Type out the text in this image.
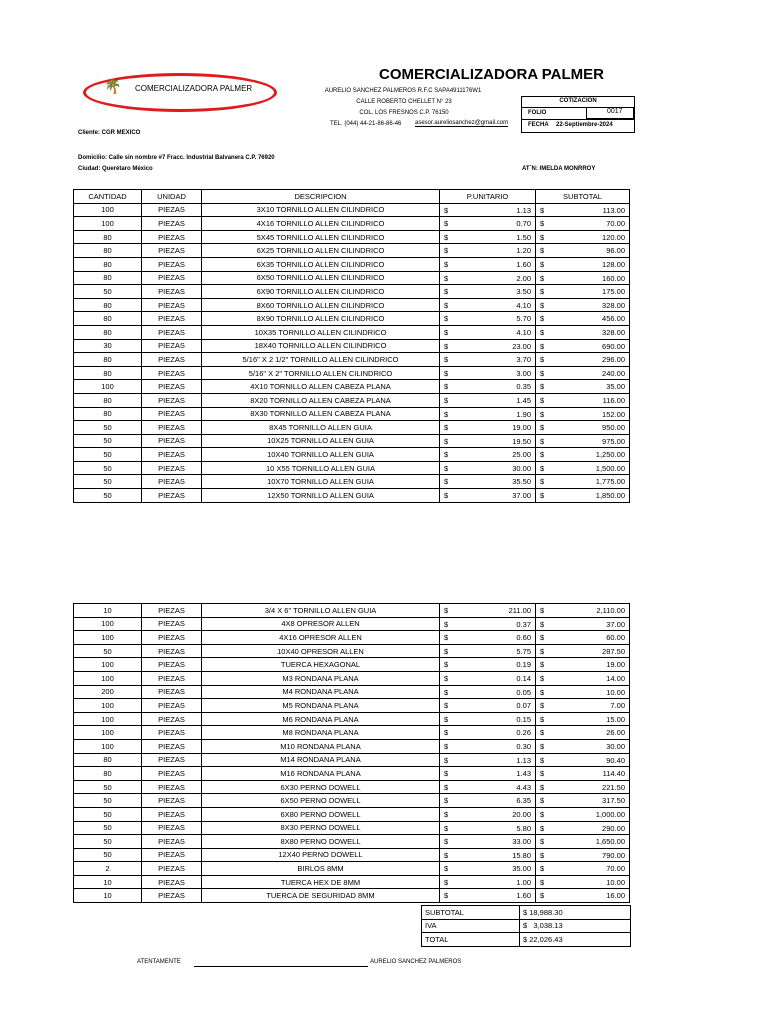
🌴 COMERCIALIZADORA PALMER
COMERCIALIZADORA PALMER
AURELIO SANCHEZ PALMEROS R.F.C SAPA4911176W1
CALLE ROBERTO CHELLET N° 23
COL. LOS FRESNOS C.P. 76150
TEL. (044) 44-21-86-86-46 asesor.aureliosanchez@gmail.com
COTIZACION
FOLIO	0017
FECHA 22-Septiembre-2024
Cliente: CGR MEXICO
Domicilio: Calle sin nombre #7 Fracc. Industrial Balvanera C.P. 76920
Ciudad: Querétaro México	AT´N: IMELDA MONRROY
CANTIDAD	UNIDAD	DESCRIPCION	P.UNITARIO	SUBTOTAL
100	PIEZAS	3X10 TORNILLO ALLEN CILINDRICO	$ 1.13	$ 113.00

100	PIEZAS	4X16 TORNILLO ALLEN CILINDRICO	$ 0.70	$ 70.00

80	PIEZAS	5X45 TORNILLO ALLEN CILINDRICO	$ 1.50	$ 120.00

80	PIEZAS	6X25 TORNILLO ALLEN CILINDRICO	$ 1.20	$ 96.00

80	PIEZAS	6X35 TORNILLO ALLEN CILINDRICO	$ 1.60	$ 128.00

80	PIEZAS	6X50 TORNILLO ALLEN CILINDRICO	$ 2.00	$ 160.00

50	PIEZAS	6X90 TORNILLO ALLEN CILINDRICO	$ 3.50	$ 175.00

80	PIEZAS	8X60 TORNILLO ALLEN CILINDRICO	$ 4.10	$ 328.00

80	PIEZAS	8X90 TORNILLO ALLEN CILINDRICO	$ 5.70	$ 456.00

80	PIEZAS	10X35 TORNILLO ALLEN CILINDRICO	$ 4.10	$ 328.00

30	PIEZAS	18X40 TORNILLO ALLEN CILINDRICO	$ 23.00	$ 690.00

80	PIEZAS	5/16" X 2 1/2" TORNILLO ALLEN CILINDRICO	$ 3.70	$ 296.00

80	PIEZAS	5/16" X 2" TORNILLO ALLEN CILINDRICO	$ 3.00	$ 240.00

100	PIEZAS	4X10 TORNILLO ALLEN CABEZA PLANA	$ 0.35	$ 35.00

80	PIEZAS	8X20 TORNILLO ALLEN CABEZA PLANA	$ 1.45	$ 116.00

80	PIEZAS	8X30 TORNILLO ALLEN CABEZA PLANA	$ 1.90	$ 152.00

50	PIEZAS	8X45 TORNILLO ALLEN GUIA	$ 19.00	$ 950.00

50	PIEZAS	10X25 TORNILLO ALLEN GUIA	$ 19.50	$ 975.00

50	PIEZAS	10X40 TORNILLO ALLEN GUIA	$ 25.00	$ 1,250.00

50	PIEZAS	10 X55 TORNILLO ALLEN GUIA	$ 30.00	$ 1,500.00

50	PIEZAS	10X70 TORNILLO ALLEN GUIA	$ 35.50	$ 1,775.00

50	PIEZAS	12X50 TORNILLO ALLEN GUIA	$ 37.00	$ 1,850.00
10	PIEZAS	3/4 X 6" TORNILLO ALLEN GUIA	$ 211.00	$ 2,110.00

100	PIEZAS	4X8 OPRESOR ALLEN	$ 0.37	$ 37.00

100	PIEZAS	4X16 OPRESOR ALLEN	$ 0.60	$ 60.00

50	PIEZAS	10X40 OPRESOR ALLEN	$ 5.75	$ 287.50

100	PIEZAS	TUERCA HEXAGONAL	$ 0.19	$ 19.00

100	PIEZAS	M3 RONDANA PLANA	$ 0.14	$ 14.00

200	PIEZAS	M4 RONDANA PLANA	$ 0.05	$ 10.00

100	PIEZAS	M5 RONDANA PLANA	$ 0.07	$ 7.00

100	PIEZAS	M6 RONDANA PLANA	$ 0.15	$ 15.00

100	PIEZAS	M8 RONDANA PLANA	$ 0.26	$ 26.00

100	PIEZAS	M10 RONDANA PLANA	$ 0.30	$ 30.00

80	PIEZAS	M14 RONDANA PLANA	$ 1.13	$ 90.40

80	PIEZAS	M16 RONDANA PLANA	$ 1.43	$ 114.40

50	PIEZAS	6X30 PERNO DOWELL	$ 4.43	$ 221.50

50	PIEZAS	6X50 PERNO DOWELL	$ 6.35	$ 317.50

50	PIEZAS	6X80 PERNO DOWELL	$ 20.00	$ 1,000.00

50	PIEZAS	8X30 PERNO DOWELL	$ 5.80	$ 290.00

50	PIEZAS	8X80 PERNO DOWELL	$ 33.00	$ 1,650.00

50	PIEZAS	12X40 PERNO DOWELL	$ 15.80	$ 790.00

2	PIEZAS	BIRLOS 8MM	$ 35.00	$ 70.00

10	PIEZAS	TUERCA HEX DE 8MM	$ 1.00	$ 10.00

10	PIEZAS	TUERCA DE SEGURIDAD 8MM	$ 1.60	$ 16.00
SUBTOTAL	$ 18,988.30
IVA	$   3,038.13
TOTAL	$ 22,026.43
ATENTAMENTE	AURELIO SANCHEZ PALMEROS
